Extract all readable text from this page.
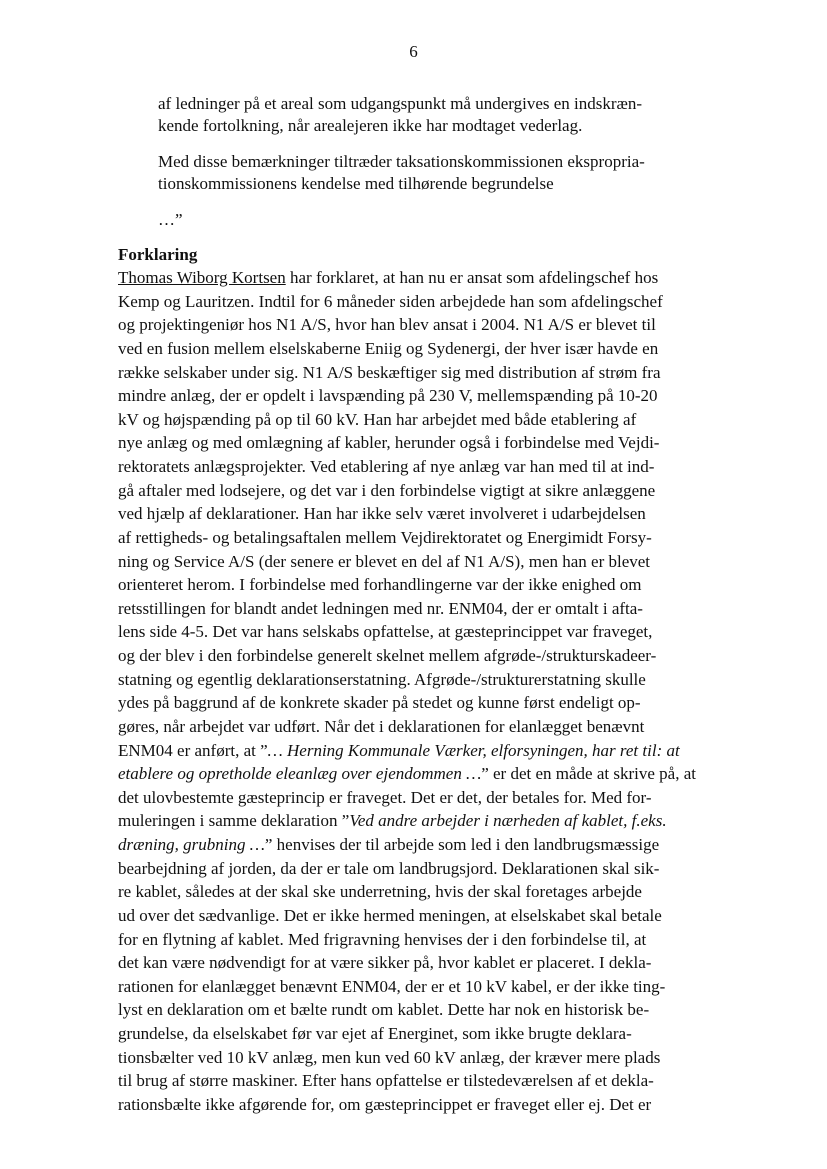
6

af ledninger på et areal som udgangspunkt må undergives en indskræn-
kende fortolkning, når arealejeren ikke har modtaget vederlag.

Med disse bemærkninger tiltræder taksationskommissionen ekspropria-
tionskommissionens kendelse med tilhørende begrundelse

…”

Forklaring
Thomas Wiborg Kortsen har forklaret, at han nu er ansat som afdelingschef hos
Kemp og Lauritzen. Indtil for 6 måneder siden arbejdede han som afdelingschef
og projektingeniør hos N1 A/S, hvor han blev ansat i 2004. N1 A/S er blevet til
ved en fusion mellem elselskaberne Eniig og Sydenergi, der hver især havde en
række selskaber under sig. N1 A/S beskæftiger sig med distribution af strøm fra
mindre anlæg, der er opdelt i lavspænding på 230 V, mellemspænding på 10-20
kV og højspænding på op til 60 kV. Han har arbejdet med både etablering af
nye anlæg og med omlægning af kabler, herunder også i forbindelse med Vejdi-
rektoratets anlægsprojekter. Ved etablering af nye anlæg var han med til at ind-
gå aftaler med lodsejere, og det var i den forbindelse vigtigt at sikre anlæggene
ved hjælp af deklarationer. Han har ikke selv været involveret i udarbejdelsen
af rettigheds- og betalingsaftalen mellem Vejdirektoratet og Energimidt Forsy-
ning og Service A/S (der senere er blevet en del af N1 A/S), men han er blevet
orienteret herom. I forbindelse med forhandlingerne var der ikke enighed om
retsstillingen for blandt andet ledningen med nr. ENM04, der er omtalt i afta-
lens side 4-5. Det var hans selskabs opfattelse, at gæsteprincippet var fraveget,
og der blev i den forbindelse generelt skelnet mellem afgrøde-/strukturskadeer-
statning og egentlig deklarationserstatning. Afgrøde-/strukturerstatning skulle
ydes på baggrund af de konkrete skader på stedet og kunne først endeligt op-
gøres, når arbejdet var udført. Når det i deklarationen for elanlægget benævnt
ENM04 er anført, at ”… Herning Kommunale Værker, elforsyningen, har ret til: at
etablere og opretholde eleanlæg over ejendommen …” er det en måde at skrive på, at
det ulovbestemte gæsteprincip er fraveget. Det er det, der betales for. Med for-
muleringen i samme deklaration ”Ved andre arbejder i nærheden af kablet, f.eks.
dræning, grubning …” henvises der til arbejde som led i den landbrugsmæssige
bearbejdning af jorden, da der er tale om landbrugsjord. Deklarationen skal sik-
re kablet, således at der skal ske underretning, hvis der skal foretages arbejde
ud over det sædvanlige. Det er ikke hermed meningen, at elselskabet skal betale
for en flytning af kablet. Med frigravning henvises der i den forbindelse til, at
det kan være nødvendigt for at være sikker på, hvor kablet er placeret. I dekla-
rationen for elanlægget benævnt ENM04, der er et 10 kV kabel, er der ikke ting-
lyst en deklaration om et bælte rundt om kablet. Dette har nok en historisk be-
grundelse, da elselskabet før var ejet af Energinet, som ikke brugte deklara-
tionsbælter ved 10 kV anlæg, men kun ved 60 kV anlæg, der kræver mere plads
til brug af større maskiner. Efter hans opfattelse er tilstedeværelsen af et dekla-
rationsbælte ikke afgørende for, om gæsteprincippet er fraveget eller ej. Det er
